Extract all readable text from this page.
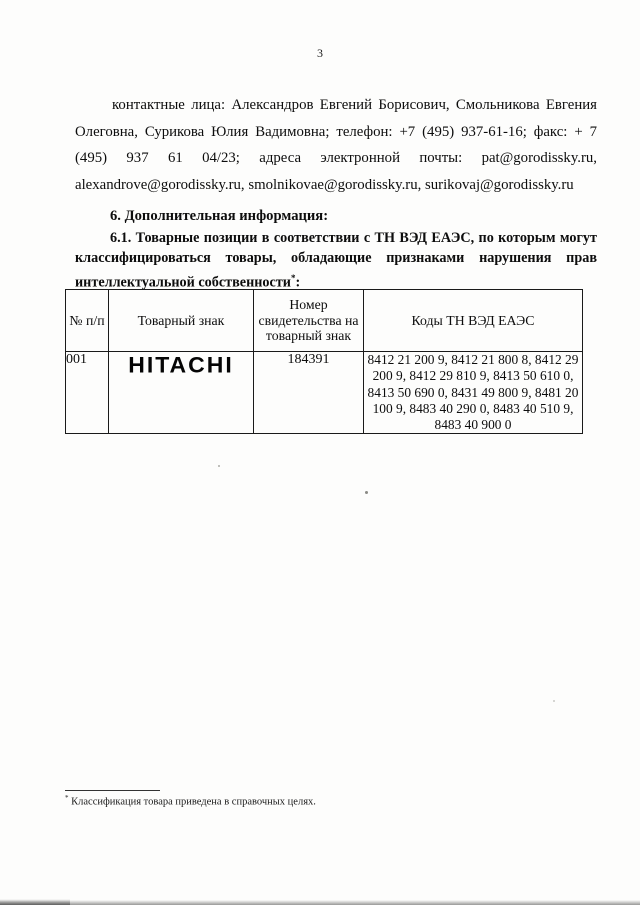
3

контактные лица: Александров Евгений Борисович, Смольникова Евгения Олеговна, Сурикова Юлия Вадимовна; телефон: +7 (495) 937-61-16; факс: + 7 (495) 937 61 04/23; адреса электронной почты: pat@gorodissky.ru, alexandrove@gorodissky.ru, smolnikovae@gorodissky.ru, surikovaj@gorodissky.ru

6. Дополнительная информация:

6.1. Товарные позиции в соответствии с ТН ВЭД ЕАЭС, по которым могут классифицироваться товары, обладающие признаками нарушения прав интеллектуальной собственности*:

№ п/п	Товарный знак	Номер свидетельства на товарный знак	Коды ТН ВЭД ЕАЭС
001	HITACHI	184391	8412 21 200 9, 8412 21 800 8, 8412 29 200 9, 8412 29 810 9, 8413 50 610 0, 8413 50 690 0, 8431 49 800 9, 8481 20 100 9, 8483 40 290 0, 8483 40 510 9, 8483 40 900 0
* Классификация товара приведена в справочных целях.
